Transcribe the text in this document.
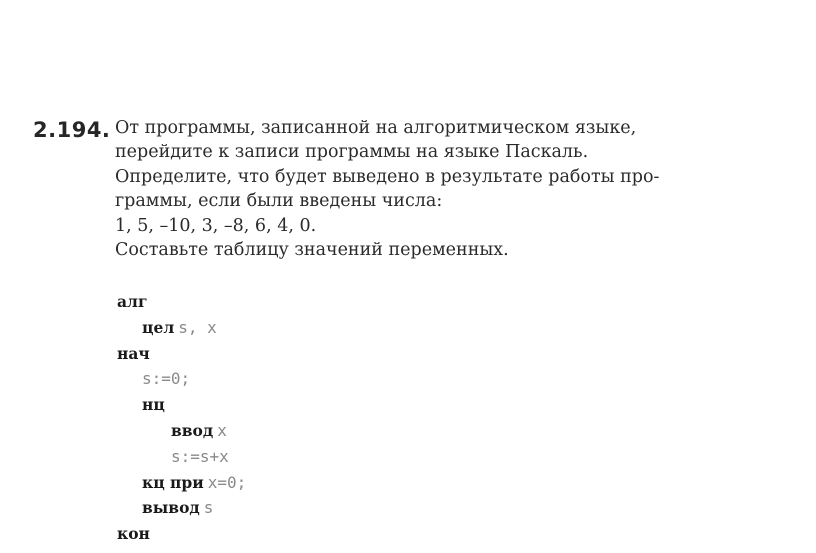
2.194. От программы, записанной на алгоритмическом языке,
перейдите к записи программы на языке Паскаль.
Определите, что будет выведено в результате работы про-
граммы, если были введены числа:
1, 5, –10, 3, –8, 6, 4, 0.
Составьте таблицу значений переменных.
алг
цел s, x
нач
s:=0;
нц
ввод x
s:=s+x
кц при x=0;
вывод s
кон
